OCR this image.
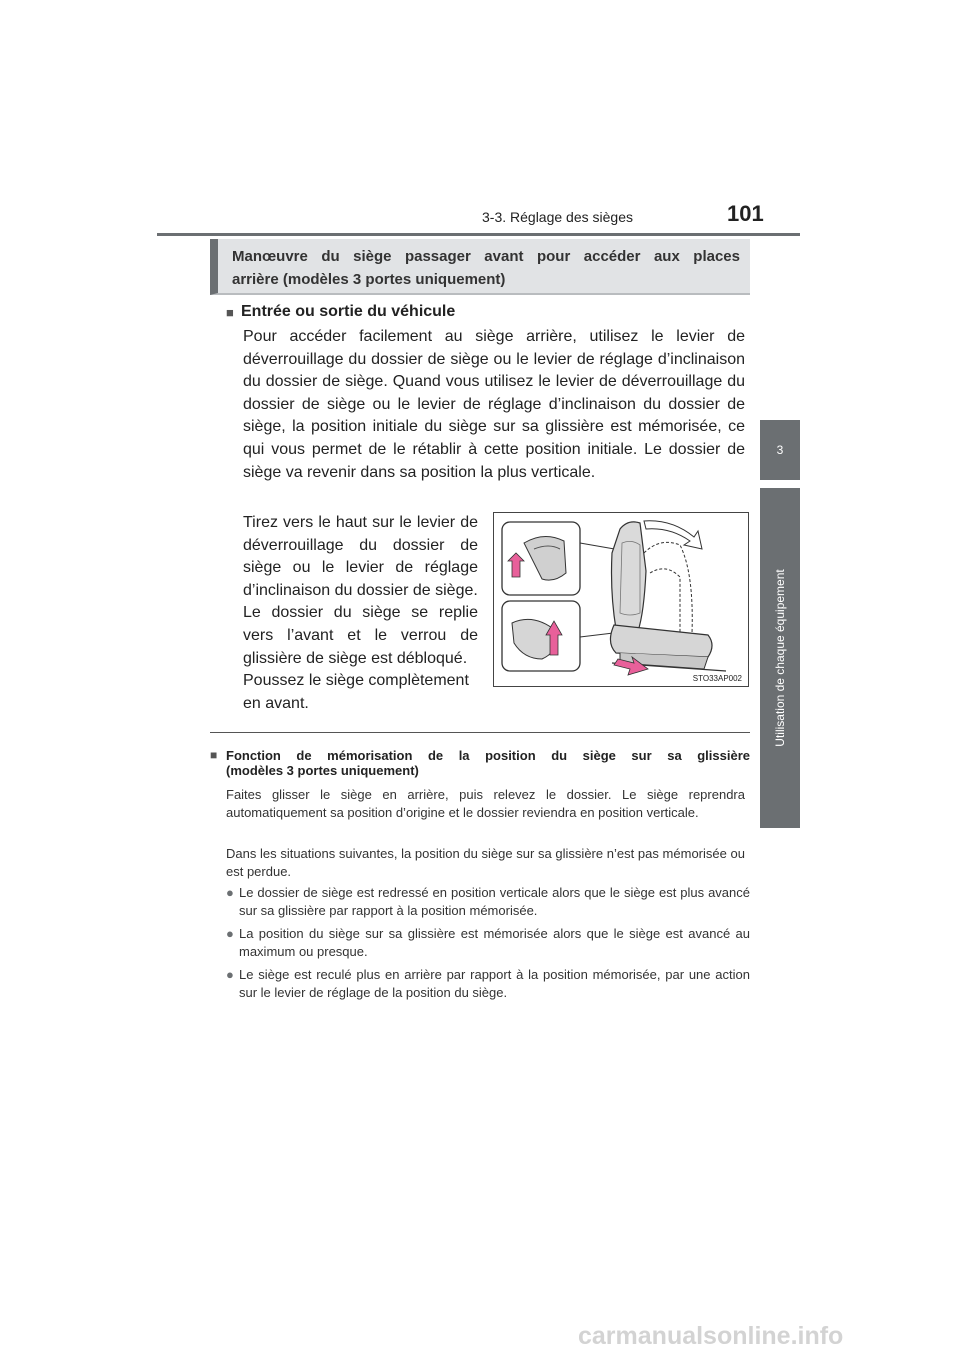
3-3. Réglage des sièges	101
3
Utilisation de chaque équipement
Manœuvre du siège passager avant pour accéder aux places
arrière (modèles 3 portes uniquement)
■ Entrée ou sortie du véhicule

Pour accéder facilement au siège arrière, utilisez le levier de déverrouillage du dossier de siège ou le levier de réglage d’inclinaison du dossier de siège. Quand vous utilisez le levier de déverrouillage du dossier de siège ou le levier de réglage d’inclinaison du dossier de siège, la position initiale du siège sur sa glissière est mémorisée, ce qui vous permet de le rétablir à cette position initiale. Le dossier de siège va revenir dans sa position la plus verticale.

Tirez vers le haut sur le levier de déverrouillage du dossier de siège ou le levier de réglage d’inclinaison du dossier de siège.
Le dossier du siège se replie vers l’avant et le verrou de glissière de siège est débloqué.
Poussez le siège complètement en avant.
STO33AP002
■ Fonction de mémorisation de la position du siège sur sa glissière
(modèles 3 portes uniquement)

Faites glisser le siège en arrière, puis relevez le dossier. Le siège reprendra automatiquement sa position d’origine et le dossier reviendra en position verticale.

Dans les situations suivantes, la position du siège sur sa glissière n’est pas mémorisée ou est perdue.

● Le dossier de siège est redressé en position verticale alors que le siège est plus avancé sur sa glissière par rapport à la position mémorisée.
● La position du siège sur sa glissière est mémorisée alors que le siège est avancé au maximum ou presque.
● Le siège est reculé plus en arrière par rapport à la position mémorisée, par une action sur le levier de réglage de la position du siège.
carmanualsonline.info
